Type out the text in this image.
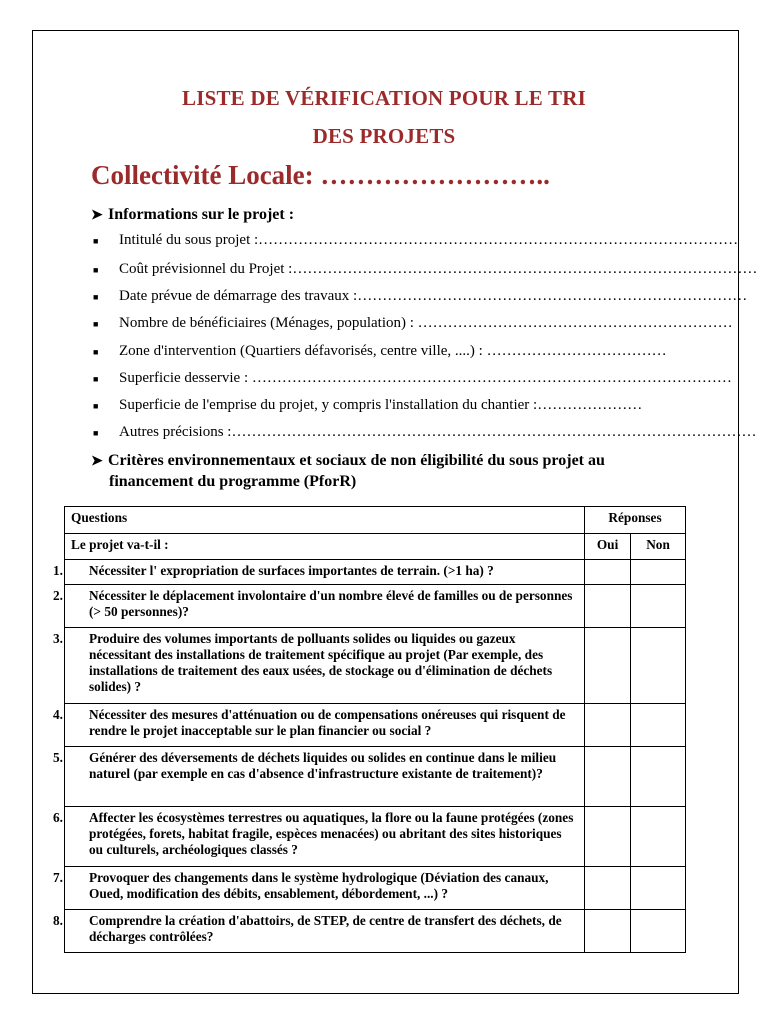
LISTE DE VÉRIFICATION POUR LE TRI
DES PROJETS
Collectivité Locale: ……………………..
➤ Informations sur le projet :
■ Intitulé du sous projet :……………………………………………………………………………………
■ Coût prévisionnel du Projet :…………………………………………………………………………………
■ Date prévue de démarrage des travaux :……………………………………………………………………
■ Nombre de bénéficiaires (Ménages, population) : ………………………………………………………
■ Zone d'intervention (Quartiers défavorisés, centre ville, ....) : ………………………………
■ Superficie desservie : ……………………………………………………………………………………
■ Superficie de l'emprise du projet, y compris l'installation du chantier :…………………
■ Autres précisions :……………………………………………………………………………………………
➤ Critères environnementaux et sociaux de non éligibilité du sous projet au
financement du programme (PforR)
Questions	Réponses	
Le projet va-t-il :	Oui	Non

1. Nécessiter l' expropriation de surfaces importantes de terrain. (>1 ha) ?		

2. Nécessiter le déplacement involontaire d'un nombre élevé de familles ou de personnes (> 50 personnes)?		

3. Produire des volumes importants de polluants solides ou liquides ou gazeux nécessitant des installations de traitement spécifique au projet (Par exemple, des installations de traitement des eaux usées, de stockage ou d'élimination de déchets solides) ?		

4. Nécessiter des mesures d'atténuation ou de compensations onéreuses qui risquent de rendre le projet inacceptable sur le plan financier ou social ?		

5. Générer des déversements de déchets liquides ou solides en continue dans le milieu naturel (par exemple en cas d'absence d'infrastructure existante de traitement)?		

6. Affecter les écosystèmes terrestres ou aquatiques, la flore ou la faune protégées (zones protégées, forets, habitat fragile, espèces menacées) ou abritant des sites historiques ou culturels, archéologiques classés ?		

7. Provoquer des changements dans le système hydrologique (Déviation des canaux, Oued, modification des débits, ensablement, débordement, ...) ?		

8. Comprendre la création d'abattoirs, de STEP, de centre de transfert des déchets, de décharges contrôlées?		
